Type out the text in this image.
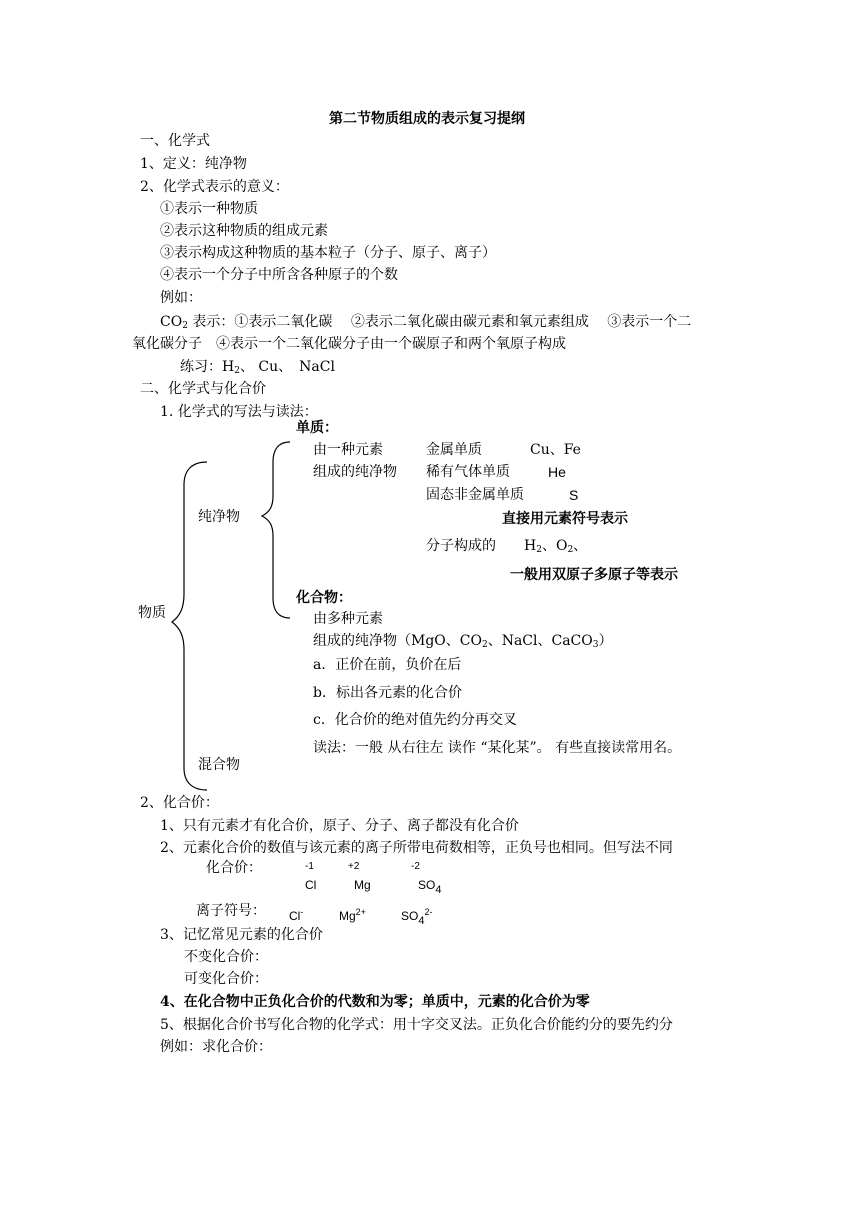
第二节物质组成的表示复习提纲
一、化学式
1、定义：纯净物
2、化学式表示的意义：
①表示一种物质
②表示这种物质的组成元素
③表示构成这种物质的基本粒子（分子、原子、离子）
④表示一个分子中所含各种原子的个数
例如：
$CO_2$ 表示：①表示二氧化碳　 ②表示二氧化碳由碳元素和氧元素组成　 ③表示一个二
氧化碳分子　④表示一个二氧化碳分子由一个碳原子和两个氧原子构成
练习：$H_2$、 Cu、　NaCl
二、化学式与化合价
1. 化学式的写法与读法：
物质
纯净物
混合物
单质：
由一种元素
组成的纯净物
金属单质	Cu、Fe
稀有气体单质	He
固态非金属单质	S
直接用元素符号表示
分子构成的 $H_2$、$O_2$、
一般用双原子多原子等表示
化合物：
由多种元素
组成的纯净物（MgO、$CO_2$、NaCl、CaCO$_3$）
a．正价在前，负价在后
b．标出各元素的化合价
c．化合价的绝对值先约分再交叉
读法：一般 从右往左 读作 “某化某”。 有些直接读常用名。
2、化合价：
1、只有元素才有化合价，原子、分子、离子都没有化合价
2、元素化合价的数值与该元素的离子所带电荷数相等，正负号也相同。但写法不同
化合价：	-1	+2	-2
Cl	Mg	$SO_4$
离子符号： Cl-	$Mg^{2+}$	$SO_4^{2-}$
3、记忆常见元素的化合价
不变化合价：
可变化合价：
4、在化合物中正负化合价的代数和为零；单质中，元素的化合价为零
5、根据化合价书写化合物的化学式：用十字交叉法。正负化合价能约分的要先约分
例如：求化合价：
